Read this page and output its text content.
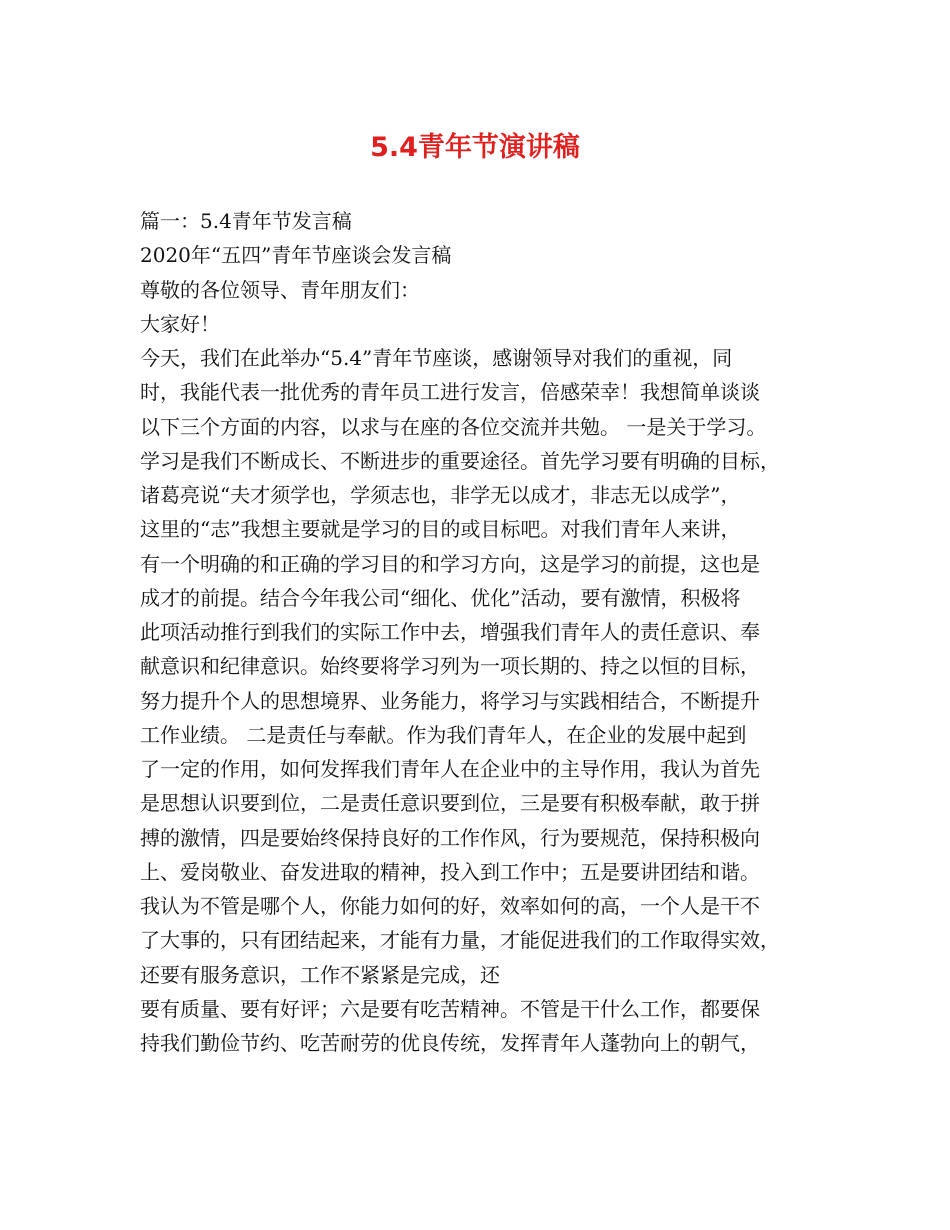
5.4青年节演讲稿
篇一：5.4青年节发言稿
2020年“五四”青年节座谈会发言稿
尊敬的各位领导、青年朋友们：
大家好！
今天，我们在此举办“5.4”青年节座谈，感谢领导对我们的重视，同
时，我能代表一批优秀的青年员工进行发言，倍感荣幸！我想简单谈谈
以下三个方面的内容，以求与在座的各位交流并共勉。 一是关于学习。
学习是我们不断成长、不断进步的重要途径。首先学习要有明确的目标，
诸葛亮说“夫才须学也，学须志也，非学无以成才，非志无以成学”，
这里的“志”我想主要就是学习的目的或目标吧。对我们青年人来讲，
有一个明确的和正确的学习目的和学习方向，这是学习的前提，这也是
成才的前提。结合今年我公司“细化、优化”活动，要有激情，积极将
此项活动推行到我们的实际工作中去，增强我们青年人的责任意识、奉
献意识和纪律意识。始终要将学习列为一项长期的、持之以恒的目标，
努力提升个人的思想境界、业务能力，将学习与实践相结合，不断提升
工作业绩。 二是责任与奉献。作为我们青年人，在企业的发展中起到
了一定的作用，如何发挥我们青年人在企业中的主导作用，我认为首先
是思想认识要到位，二是责任意识要到位，三是要有积极奉献，敢于拼
搏的激情，四是要始终保持良好的工作作风，行为要规范，保持积极向
上、爱岗敬业、奋发进取的精神，投入到工作中；五是要讲团结和谐。
我认为不管是哪个人，你能力如何的好，效率如何的高，一个人是干不
了大事的，只有团结起来，才能有力量，才能促进我们的工作取得实效，
还要有服务意识，工作不紧紧是完成，还
要有质量、要有好评；六是要有吃苦精神。不管是干什么工作，都要保
持我们勤俭节约、吃苦耐劳的优良传统，发挥青年人蓬勃向上的朝气，
